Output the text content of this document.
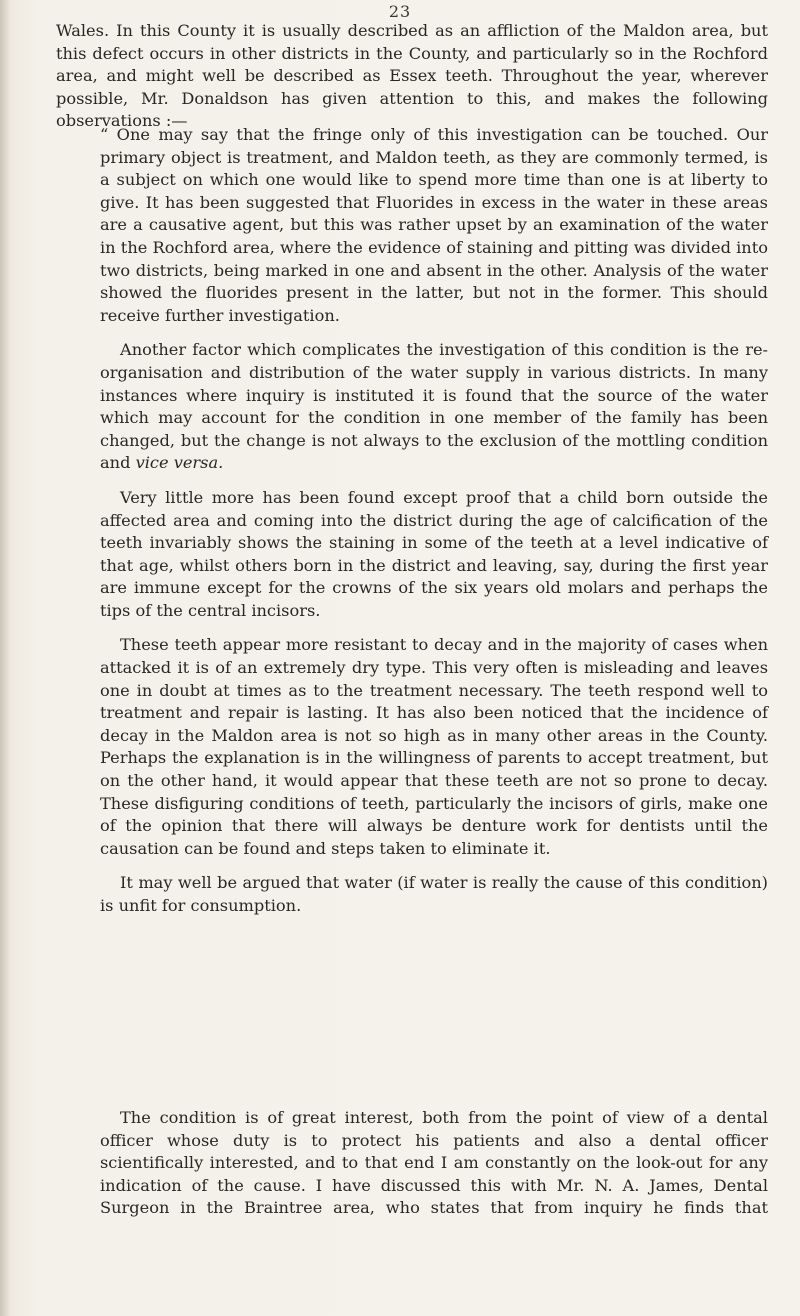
23

Wales. In this County it is usually described as an affliction of the Maldon area, but this defect occurs in other districts in the County, and particularly so in the Rochford area, and might well be described as Essex teeth. Throughout the year, wherever possible, Mr. Donaldson has given attention to this, and makes the following observations :—

“ One may say that the fringe only of this investigation can be touched. Our primary object is treatment, and Maldon teeth, as they are commonly termed, is a subject on which one would like to spend more time than one is at liberty to give. It has been suggested that Fluorides in excess in the water in these areas are a causative agent, but this was rather upset by an examination of the water in the Rochford area, where the evidence of staining and pitting was divided into two districts, being marked in one and absent in the other. Analysis of the water showed the fluorides present in the latter, but not in the former. This should receive further investigation.

Another factor which complicates the investigation of this condition is the re-organisation and distribution of the water supply in various districts. In many instances where inquiry is instituted it is found that the source of the water which may account for the condition in one member of the family has been changed, but the change is not always to the exclusion of the mottling condition and vice versa.

Very little more has been found except proof that a child born outside the affected area and coming into the district during the age of calcification of the teeth invariably shows the staining in some of the teeth at a level indicative of that age, whilst others born in the district and leaving, say, during the first year are immune except for the crowns of the six years old molars and perhaps the tips of the central incisors.

These teeth appear more resistant to decay and in the majority of cases when attacked it is of an extremely dry type. This very often is misleading and leaves one in doubt at times as to the treatment necessary. The teeth respond well to treatment and repair is lasting. It has also been noticed that the incidence of decay in the Maldon area is not so high as in many other areas in the County. Perhaps the explanation is in the willingness of parents to accept treatment, but on the other hand, it would appear that these teeth are not so prone to decay. These disfiguring conditions of teeth, particularly the incisors of girls, make one of the opinion that there will always be denture work for dentists until the causation can be found and steps taken to eliminate it.

It may well be argued that water (if water is really the cause of this condition) is unfit for consumption.

The condition is of great interest, both from the point of view of a dental officer whose duty is to protect his patients and also a dental officer scientifically interested, and to that end I am constantly on the look-out for any indication of the cause. I have discussed this with Mr. N. A. James, Dental Surgeon in the Braintree area, who states that from inquiry he finds that
